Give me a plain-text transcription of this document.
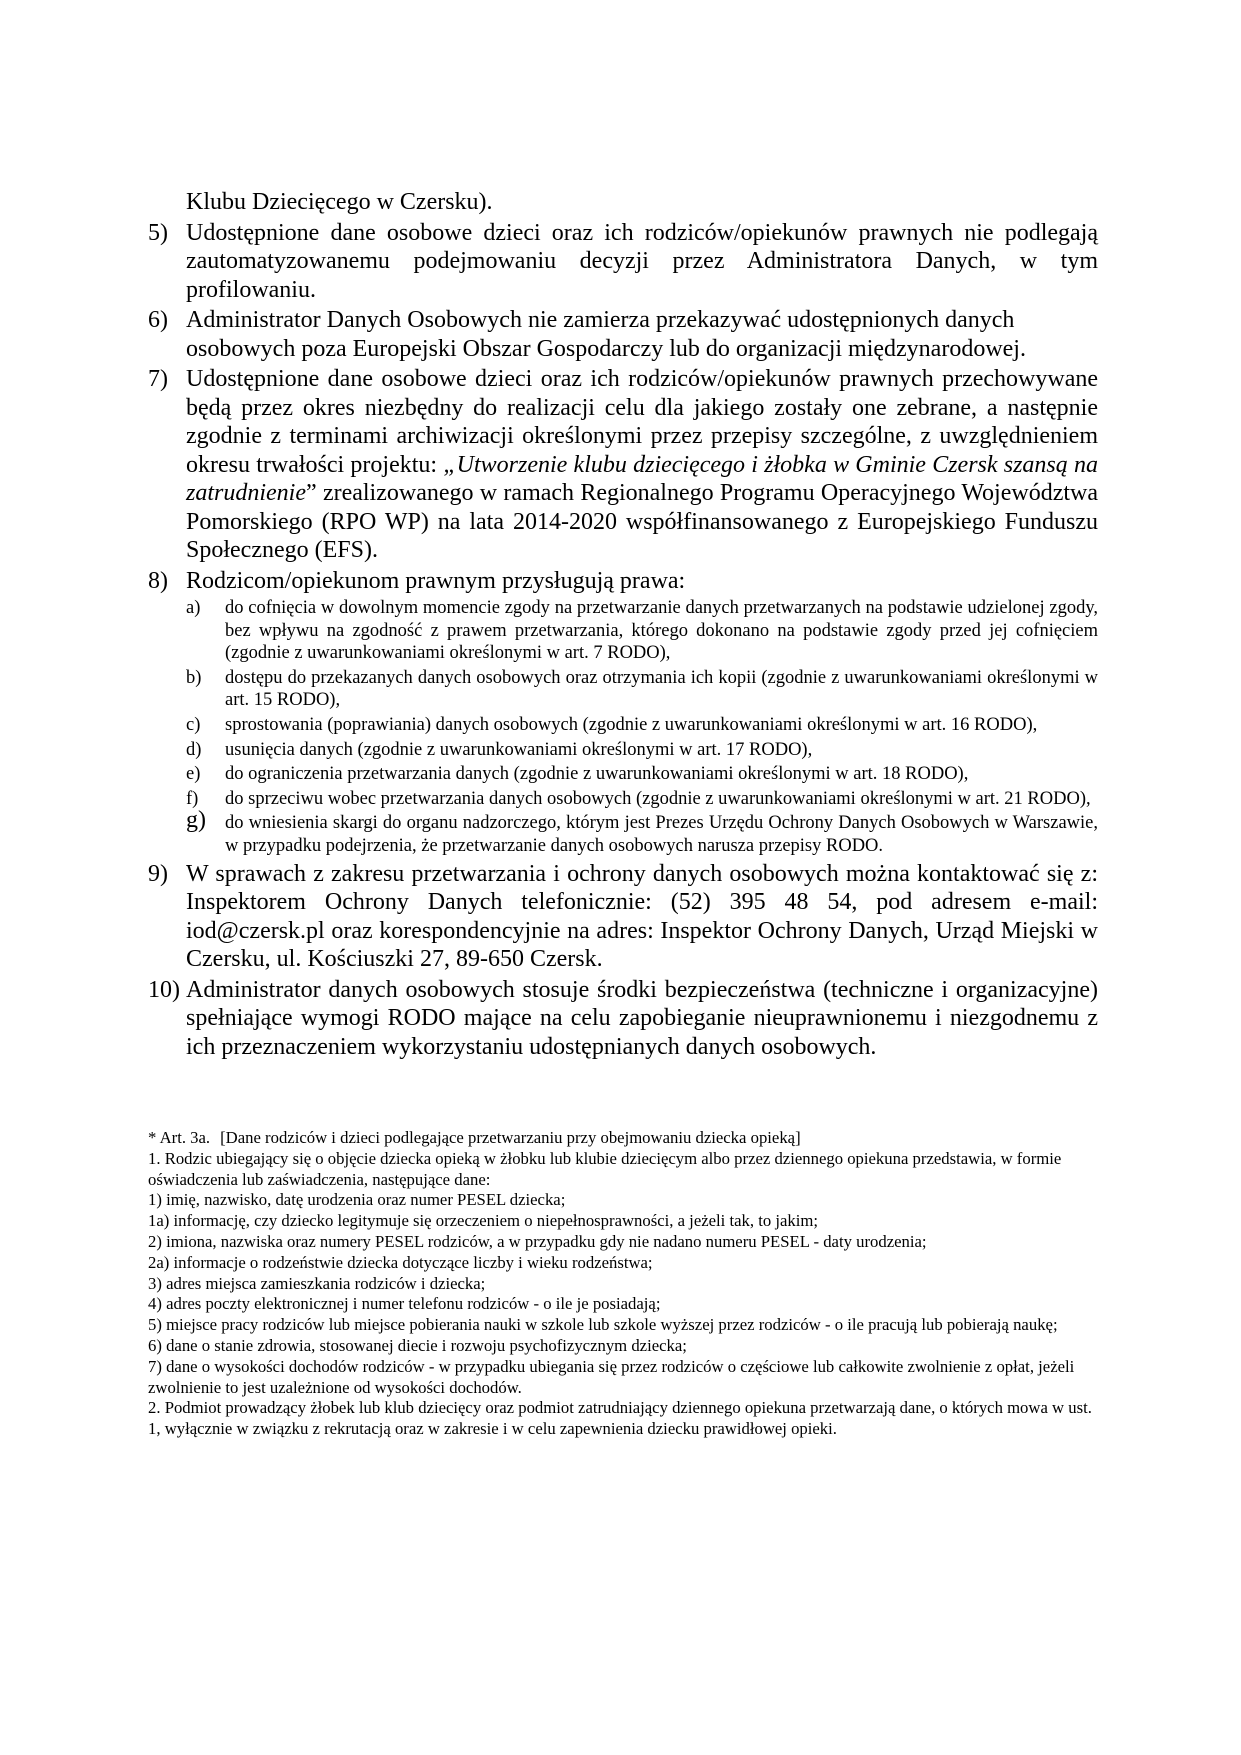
Klubu Dziecięcego w Czersku).

5) Udostępnione dane osobowe dzieci oraz ich rodziców/opiekunów prawnych nie podlegają zautomatyzowanemu podejmowaniu decyzji przez Administratora Danych, w tym profilowaniu.
6) Administrator Danych Osobowych nie zamierza przekazywać udostępnionych danych osobowych poza Europejski Obszar Gospodarczy lub do organizacji międzynarodowej.
7) Udostępnione dane osobowe dzieci oraz ich rodziców/opiekunów prawnych przechowywane będą przez okres niezbędny do realizacji celu dla jakiego zostały one zebrane, a następnie zgodnie z terminami archiwizacji określonymi przez przepisy szczególne, z uwzględnieniem okresu trwałości projektu: „Utworzenie klubu dziecięcego i żłobka w Gminie Czersk szansą na zatrudnienie” zrealizowanego w ramach Regionalnego Programu Operacyjnego Województwa Pomorskiego (RPO WP) na lata 2014-2020 współfinansowanego z Europejskiego Funduszu Społecznego (EFS).
8) Rodzicom/opiekunom prawnym przysługują prawa:
a) do cofnięcia w dowolnym momencie zgody na przetwarzanie danych przetwarzanych na podstawie udzielonej zgody, bez wpływu na zgodność z prawem przetwarzania, którego dokonano na podstawie zgody przed jej cofnięciem (zgodnie z uwarunkowaniami określonymi w art. 7 RODO),
b) dostępu do przekazanych danych osobowych oraz otrzymania ich kopii (zgodnie z uwarunkowaniami określonymi w art. 15 RODO),
c) sprostowania (poprawiania) danych osobowych (zgodnie z uwarunkowaniami określonymi w art. 16 RODO),
d) usunięcia danych (zgodnie z uwarunkowaniami określonymi w art. 17 RODO),
e) do ograniczenia przetwarzania danych (zgodnie z uwarunkowaniami określonymi w art. 18 RODO),
f) do sprzeciwu wobec przetwarzania danych osobowych (zgodnie z uwarunkowaniami określonymi w art. 21 RODO),
g) do wniesienia skargi do organu nadzorczego, którym jest Prezes Urzędu Ochrony Danych Osobowych w Warszawie, w przypadku podejrzenia, że przetwarzanie danych osobowych narusza przepisy RODO.
9) W sprawach z zakresu przetwarzania i ochrony danych osobowych można kontaktować się z: Inspektorem Ochrony Danych telefonicznie: (52) 395 48 54, pod adresem e-mail: iod@czersk.pl oraz korespondencyjnie na adres: Inspektor Ochrony Danych, Urząd Miejski w Czersku, ul. Kościuszki 27, 89-650 Czersk.
10) Administrator danych osobowych stosuje środki bezpieczeństwa (techniczne i organizacyjne) spełniające wymogi RODO mające na celu zapobieganie nieuprawnionemu i niezgodnemu z ich przeznaczeniem wykorzystaniu udostępnianych danych osobowych.

* Art. 3a. [Dane rodziców i dzieci podlegające przetwarzaniu przy obejmowaniu dziecka opieką]

1. Rodzic ubiegający się o objęcie dziecka opieką w żłobku lub klubie dziecięcym albo przez dziennego opiekuna przedstawia, w formie oświadczenia lub zaświadczenia, następujące dane:

1) imię, nazwisko, datę urodzenia oraz numer PESEL dziecka;

1a) informację, czy dziecko legitymuje się orzeczeniem o niepełnosprawności, a jeżeli tak, to jakim;

2) imiona, nazwiska oraz numery PESEL rodziców, a w przypadku gdy nie nadano numeru PESEL - daty urodzenia;

2a) informacje o rodzeństwie dziecka dotyczące liczby i wieku rodzeństwa;

3) adres miejsca zamieszkania rodziców i dziecka;

4) adres poczty elektronicznej i numer telefonu rodziców - o ile je posiadają;

5) miejsce pracy rodziców lub miejsce pobierania nauki w szkole lub szkole wyższej przez rodziców - o ile pracują lub pobierają naukę;

6) dane o stanie zdrowia, stosowanej diecie i rozwoju psychofizycznym dziecka;

7) dane o wysokości dochodów rodziców - w przypadku ubiegania się przez rodziców o częściowe lub całkowite zwolnienie z opłat, jeżeli zwolnienie to jest uzależnione od wysokości dochodów.

2. Podmiot prowadzący żłobek lub klub dziecięcy oraz podmiot zatrudniający dziennego opiekuna przetwarzają dane, o których mowa w ust. 1, wyłącznie w związku z rekrutacją oraz w zakresie i w celu zapewnienia dziecku prawidłowej opieki.
